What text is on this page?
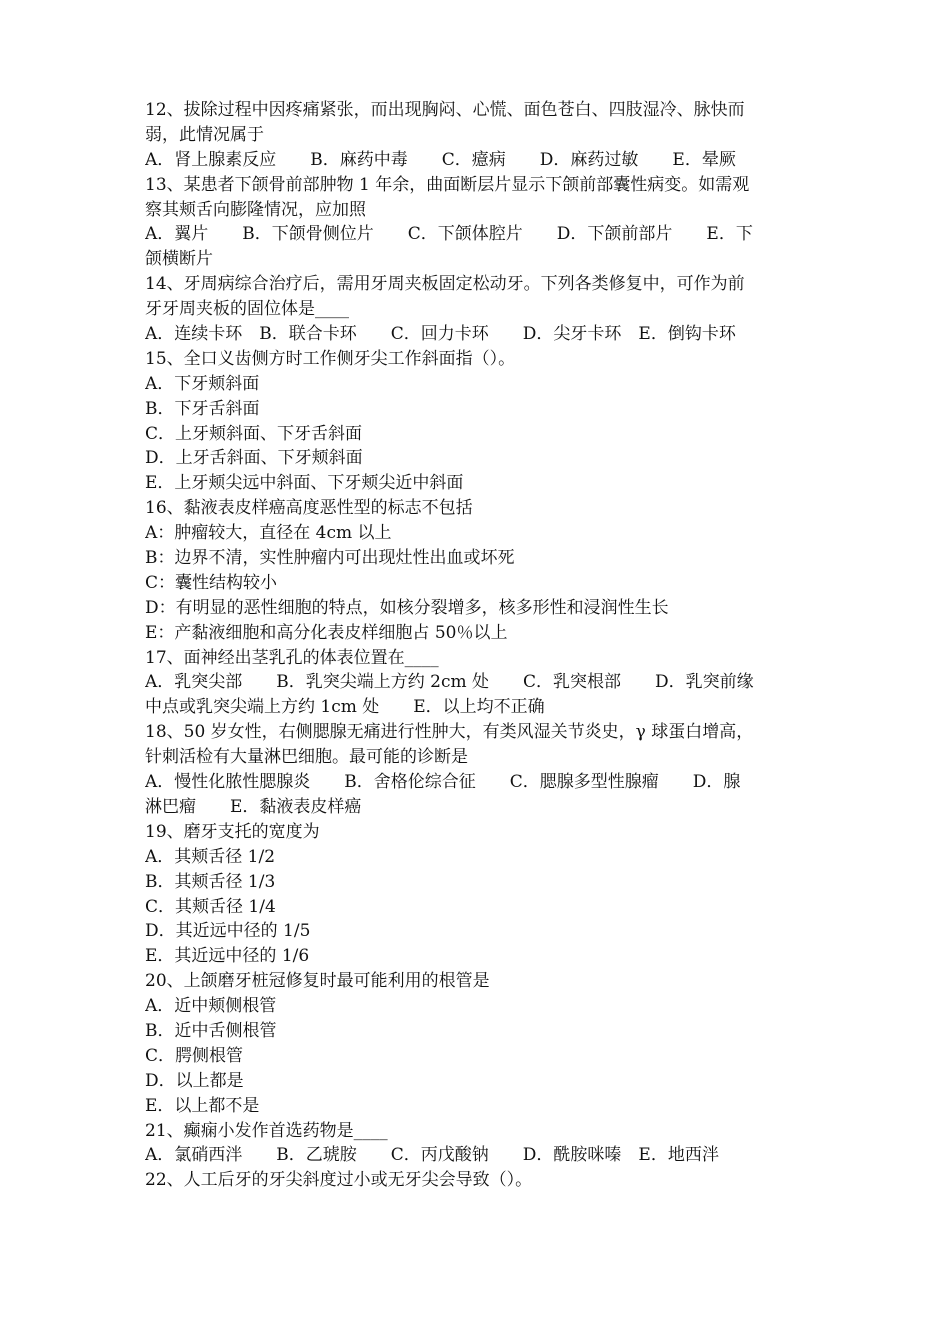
12、拔除过程中因疼痛紧张，而出现胸闷、心慌、面色苍白、四肢湿冷、脉快而

弱，此情况属于

A．肾上腺素反应　　B．麻药中毒　　C．癔病　　D．麻药过敏　　E．晕厥

13、某患者下颌骨前部肿物 1 年余，曲面断层片显示下颌前部囊性病变。如需观

察其颊舌向膨隆情况，应加照

A．翼片　　B．下颌骨侧位片　　C．下颌体腔片　　D．下颌前部片　　E．下

颌横断片

14、牙周病综合治疗后，需用牙周夹板固定松动牙。下列各类修复中，可作为前

牙牙周夹板的固位体是____

A．连续卡环　B．联合卡环　　C．回力卡环　　D．尖牙卡环　E．倒钩卡环

15、全口义齿侧方时工作侧牙尖工作斜面指（）。

A．下牙颊斜面

B．下牙舌斜面

C．上牙颊斜面、下牙舌斜面

D．上牙舌斜面、下牙颊斜面

E．上牙颊尖远中斜面、下牙颊尖近中斜面

16、黏液表皮样癌高度恶性型的标志不包括

A：肿瘤较大，直径在 4cm 以上

B：边界不清，实性肿瘤内可出现灶性出血或坏死

C：囊性结构较小

D：有明显的恶性细胞的特点，如核分裂增多，核多形性和浸润性生长

E：产黏液细胞和高分化表皮样细胞占 50％以上

17、面神经出茎乳孔的体表位置在____

A．乳突尖部　　B．乳突尖端上方约 2cm 处　　C．乳突根部　　D．乳突前缘

中点或乳突尖端上方约 1cm 处　　E．以上均不正确

18、50 岁女性，右侧腮腺无痛进行性肿大，有类风湿关节炎史，γ 球蛋白增高，

针刺活检有大量淋巴细胞。最可能的诊断是

A．慢性化脓性腮腺炎　　B．舍格伦综合征　　C．腮腺多型性腺瘤　　D．腺

淋巴瘤　　E．黏液表皮样癌

19、磨牙支托的宽度为

A．其颊舌径 1/2

B．其颊舌径 1/3

C．其颊舌径 1/4

D．其近远中径的 1/5

E．其近远中径的 1/6

20、上颌磨牙桩冠修复时最可能利用的根管是

A．近中颊侧根管

B．近中舌侧根管

C．腭侧根管

D．以上都是

E．以上都不是

21、癫痫小发作首选药物是____

A．氯硝西泮　　B．乙琥胺　　C．丙戊酸钠　　D．酰胺咪嗪　E．地西泮

22、人工后牙的牙尖斜度过小或无牙尖会导致（）。
